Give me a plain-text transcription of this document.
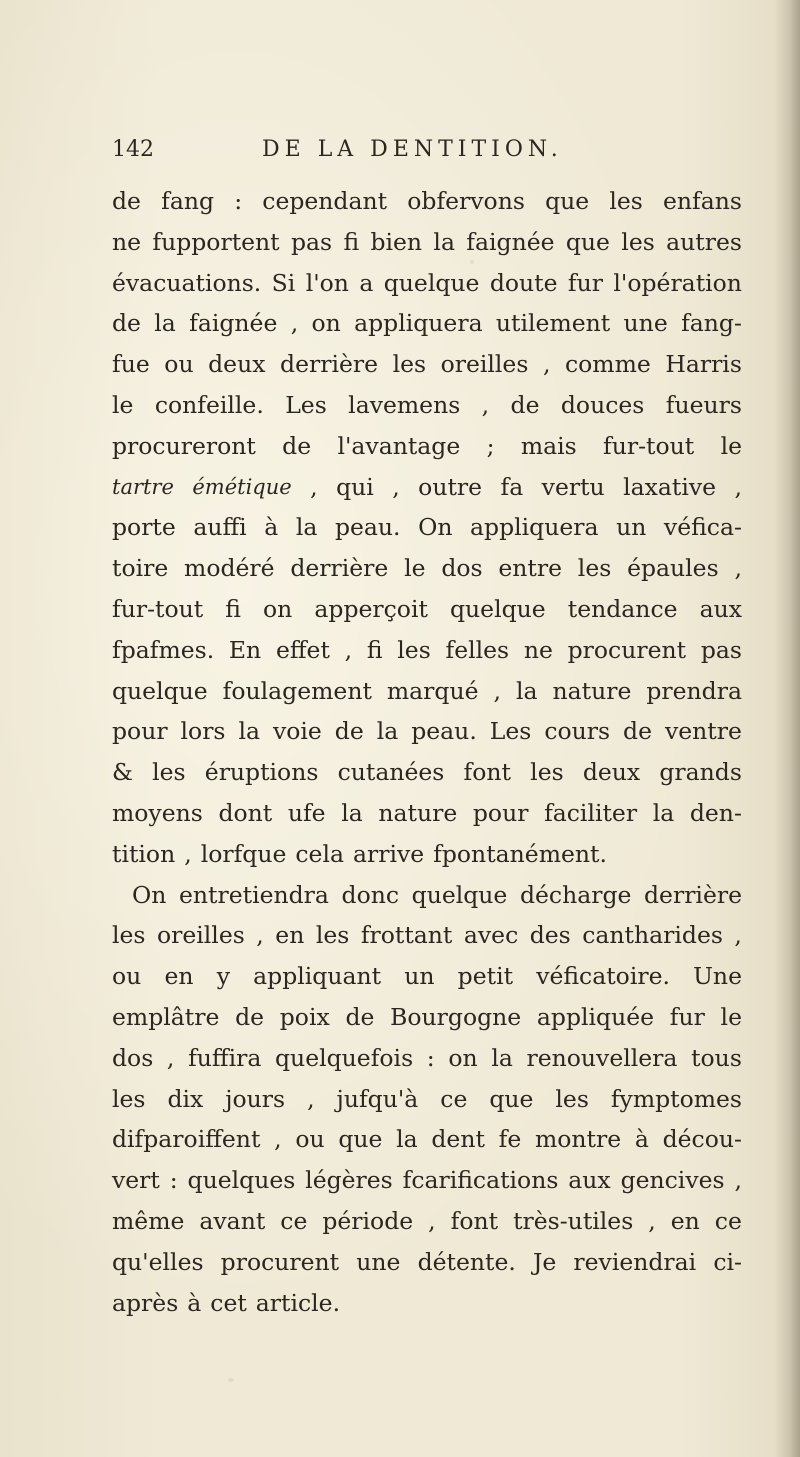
142	DE LA DENTITION.
de fang : cependant obfervons que les enfans
ne fupportent pas fi bien la faignée que les autres
évacuations. Si l'on a quelque doute fur l'opération
de la faignée , on appliquera utilement une fang-
fue ou deux derrière les oreilles , comme Harris
le confeille. Les lavemens , de douces fueurs
procureront de l'avantage ; mais fur-tout le
tartre émétique , qui , outre fa vertu laxative ,
porte auffi à la peau. On appliquera un véfica-
toire modéré derrière le dos entre les épaules ,
fur-tout fi on apperçoit quelque tendance aux
fpafmes. En effet , fi les felles ne procurent pas
quelque foulagement marqué , la nature prendra
pour lors la voie de la peau. Les cours de ventre
& les éruptions cutanées font les deux grands
moyens dont ufe la nature pour faciliter la den-
tition , lorfque cela arrive fpontanément.
On entretiendra donc quelque décharge derrière
les oreilles , en les frottant avec des cantharides ,
ou en y appliquant un petit véficatoire. Une
emplâtre de poix de Bourgogne appliquée fur le
dos , fuffira quelquefois : on la renouvellera tous
les dix jours , jufqu'à ce que les fymptomes
difparoiffent , ou que la dent fe montre à décou-
vert : quelques légères fcarifications aux gencives ,
même avant ce période , font très-utiles , en ce
qu'elles procurent une détente. Je reviendrai ci-
après à cet article.
